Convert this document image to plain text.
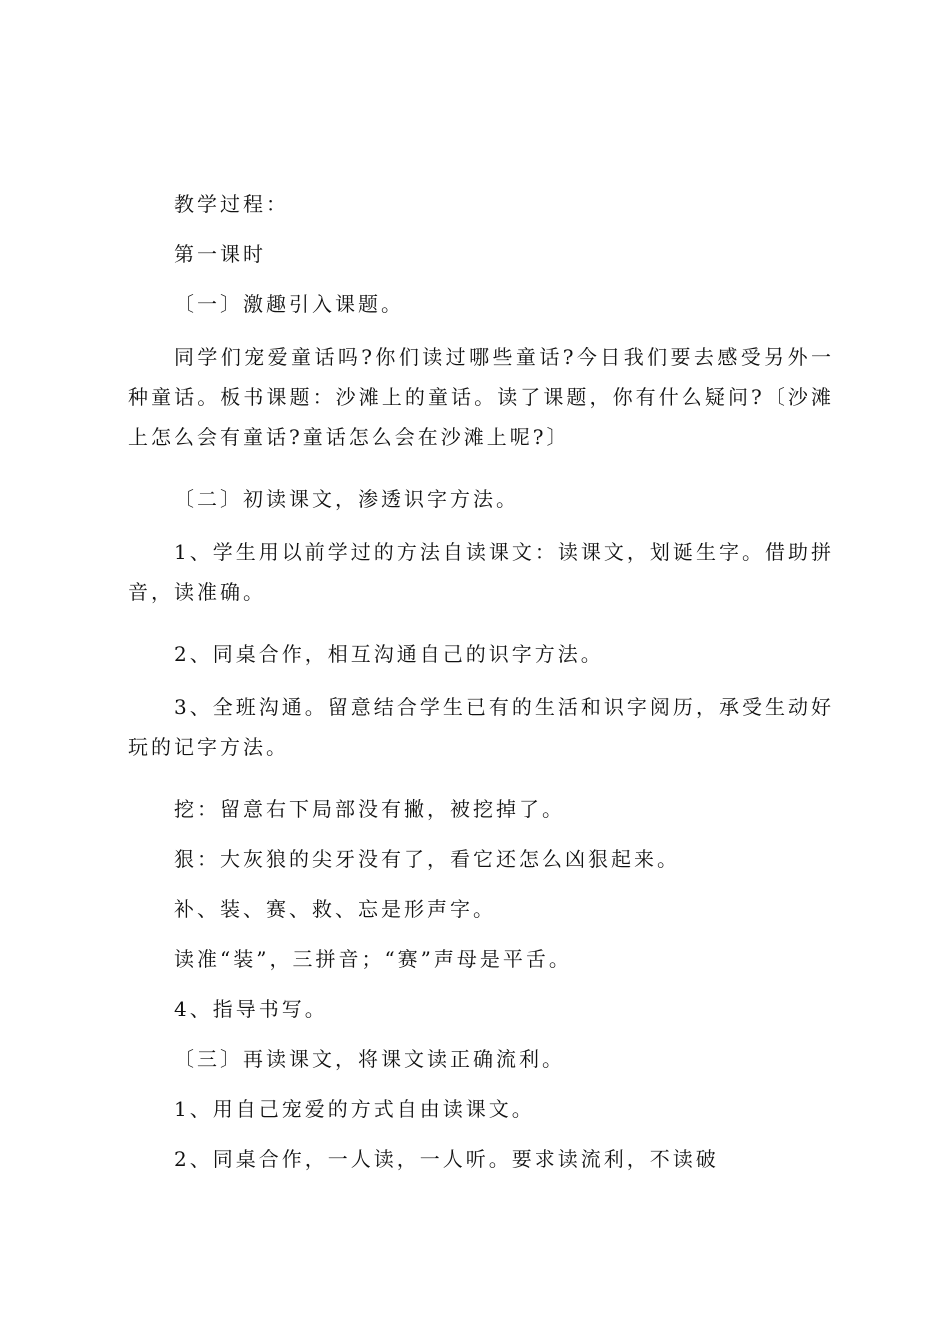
教学过程：

第一课时

〔一〕激趣引入课题。

同学们宠爱童话吗?你们读过哪些童话?今日我们要去感受另外一种童话。板书课题：沙滩上的童话。读了课题，你有什么疑问?〔沙滩上怎么会有童话?童话怎么会在沙滩上呢?〕

〔二〕初读课文，渗透识字方法。

1、学生用以前学过的方法自读课文：读课文，划诞生字。借助拼音，读准确。

2、同桌合作，相互沟通自己的识字方法。

3、全班沟通。留意结合学生已有的生活和识字阅历，承受生动好玩的记字方法。

挖：留意右下局部没有撇，被挖掉了。

狠：大灰狼的尖牙没有了，看它还怎么凶狠起来。

补、装、赛、救、忘是形声字。

读准“装”，三拼音；“赛”声母是平舌。

4、指导书写。

〔三〕再读课文，将课文读正确流利。

1、用自己宠爱的方式自由读课文。

2、同桌合作，一人读，一人听。要求读流利，不读破
